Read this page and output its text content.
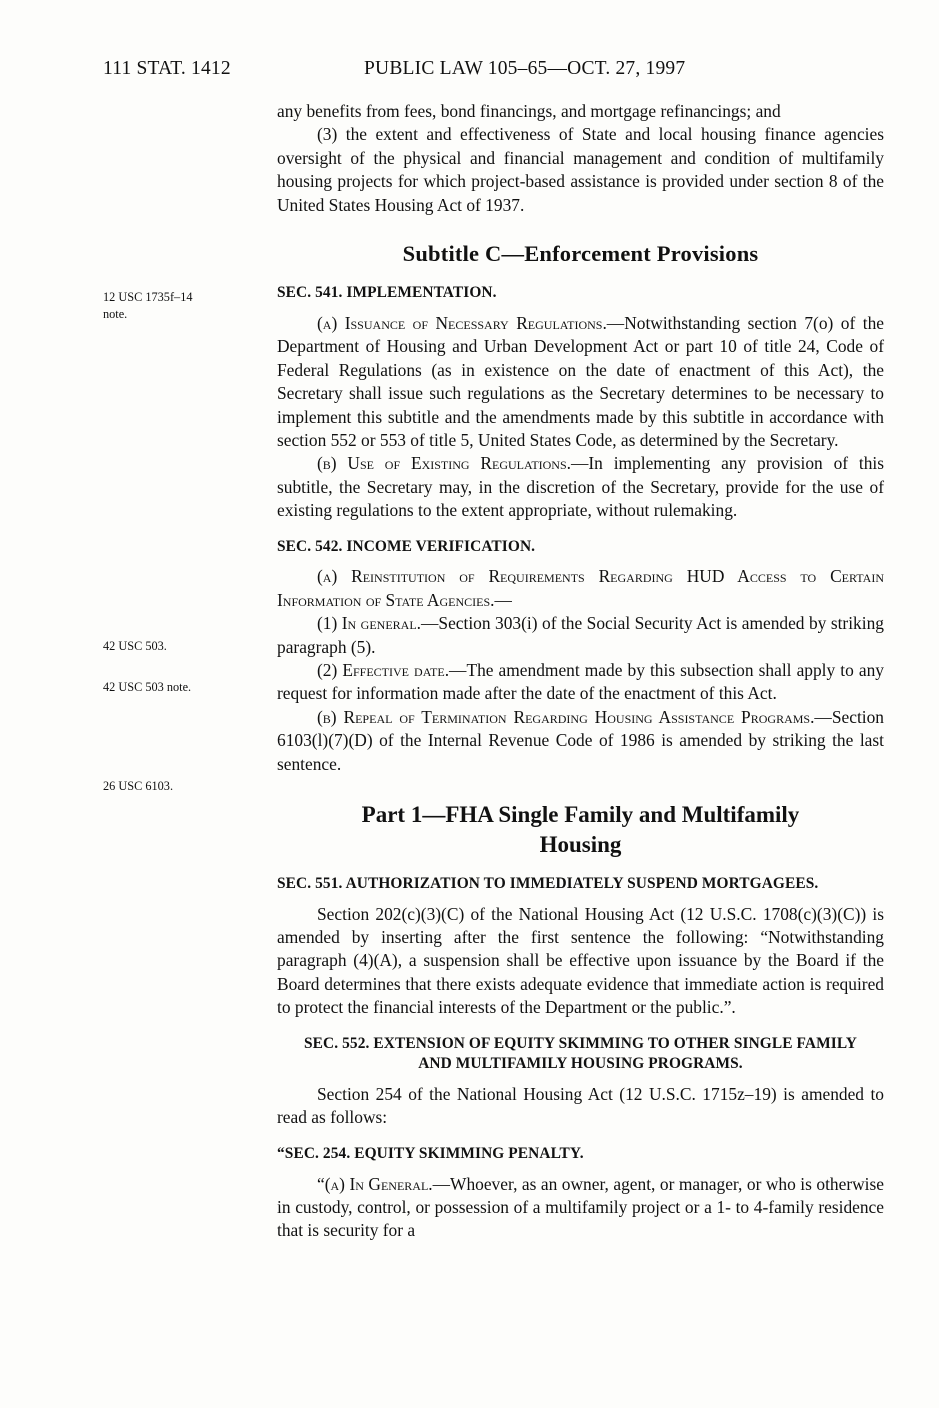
111 STAT. 1412	PUBLIC LAW 105–65—OCT. 27, 1997
12 USC 1735f–14
note.
42 USC 503.
42 USC 503 note.
26 USC 6103.

any benefits from fees, bond financings, and mortgage refinancings; and

(3) the extent and effectiveness of State and local housing finance agencies oversight of the physical and financial management and condition of multifamily housing projects for which project-based assistance is provided under section 8 of the United States Housing Act of 1937.

Subtitle C—Enforcement Provisions
SEC. 541. IMPLEMENTATION.

(a) Issuance of Necessary Regulations.—Notwithstanding section 7(o) of the Department of Housing and Urban Development Act or part 10 of title 24, Code of Federal Regulations (as in existence on the date of enactment of this Act), the Secretary shall issue such regulations as the Secretary determines to be necessary to implement this subtitle and the amendments made by this subtitle in accordance with section 552 or 553 of title 5, United States Code, as determined by the Secretary.

(b) Use of Existing Regulations.—In implementing any provision of this subtitle, the Secretary may, in the discretion of the Secretary, provide for the use of existing regulations to the extent appropriate, without rulemaking.

SEC. 542. INCOME VERIFICATION.

(a) Reinstitution of Requirements Regarding HUD Access to Certain Information of State Agencies.—

(1) In general.—Section 303(i) of the Social Security Act is amended by striking paragraph (5).

(2) Effective date.—The amendment made by this subsection shall apply to any request for information made after the date of the enactment of this Act.

(b) Repeal of Termination Regarding Housing Assistance Programs.—Section 6103(l)(7)(D) of the Internal Revenue Code of 1986 is amended by striking the last sentence.

Part 1—FHA Single Family and Multifamily
Housing
SEC. 551. AUTHORIZATION TO IMMEDIATELY SUSPEND MORTGAGEES.

Section 202(c)(3)(C) of the National Housing Act (12 U.S.C. 1708(c)(3)(C)) is amended by inserting after the first sentence the following: “Notwithstanding paragraph (4)(A), a suspension shall be effective upon issuance by the Board if the Board determines that there exists adequate evidence that immediate action is required to protect the financial interests of the Department or the public.”.

SEC. 552. EXTENSION OF EQUITY SKIMMING TO OTHER SINGLE FAMILY
AND MULTIFAMILY HOUSING PROGRAMS.

Section 254 of the National Housing Act (12 U.S.C. 1715z–19) is amended to read as follows:

“SEC. 254. EQUITY SKIMMING PENALTY.

“(a) In General.—Whoever, as an owner, agent, or manager, or who is otherwise in custody, control, or possession of a multifamily project or a 1- to 4-family residence that is security for a
